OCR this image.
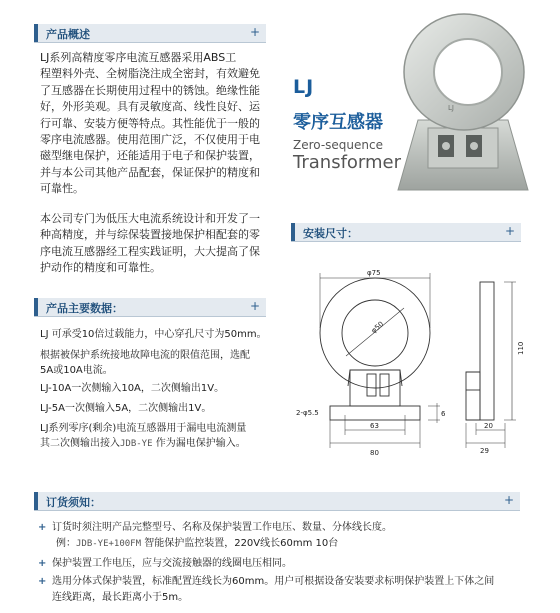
产品概述	+
LJ系列高精度零序电流互感器采用ABS工
程塑料外壳、全树脂浇注成全密封，有效避免
了互感器在长期使用过程中的锈蚀。绝缘性能
好，外形美观。具有灵敏度高、线性良好、运
行可靠、安装方便等特点。其性能优于一般的
零序电流感器。使用范围广泛，不仅使用于电
磁型继电保护，还能适用于电子和保护装置，
并与本公司其他产品配套，保证保护的精度和
可靠性。
本公司专门为低压大电流系统设计和开发了一
种高精度，并与综保装置接地保护相配套的零
序电流互感器经工程实践证明，大大提高了保
护动作的精度和可靠性。
LJ
LJ
零序互感器
Zero-sequence
Transformer
安装尺寸：	+
φ75
φ50
110
2-φ5.5
63
80
6
20
29
产品主要数据：	+
LJ 可承受10倍过载能力，中心穿孔尺寸为50mm。
根据被保护系统接地故障电流的限值范围，选配
5A或10A电流。
LJ-10A一次侧输入10A，二次侧输出1V。
LJ-5A一次侧输入5A，二次侧输出1V。
LJ系列零序(剩余)电流互感器用于漏电电流测量
其二次侧输出接入JDB-YE 作为漏电保护输入。
订货须知：	+
+ 订货时须注明产品完整型号、名称及保护装置工作电压、数量、分体线长度。
例：JDB-YE+100FM 智能保护监控装置，220V线长60mm 10台
+ 保护装置工作电压，应与交流接触器的线圈电压相同。
+ 选用分体式保护装置，标准配置连线长为60mm。用户可根据设备安装要求标明保护装置上下体之间
连线距离，最长距离小于5m。
